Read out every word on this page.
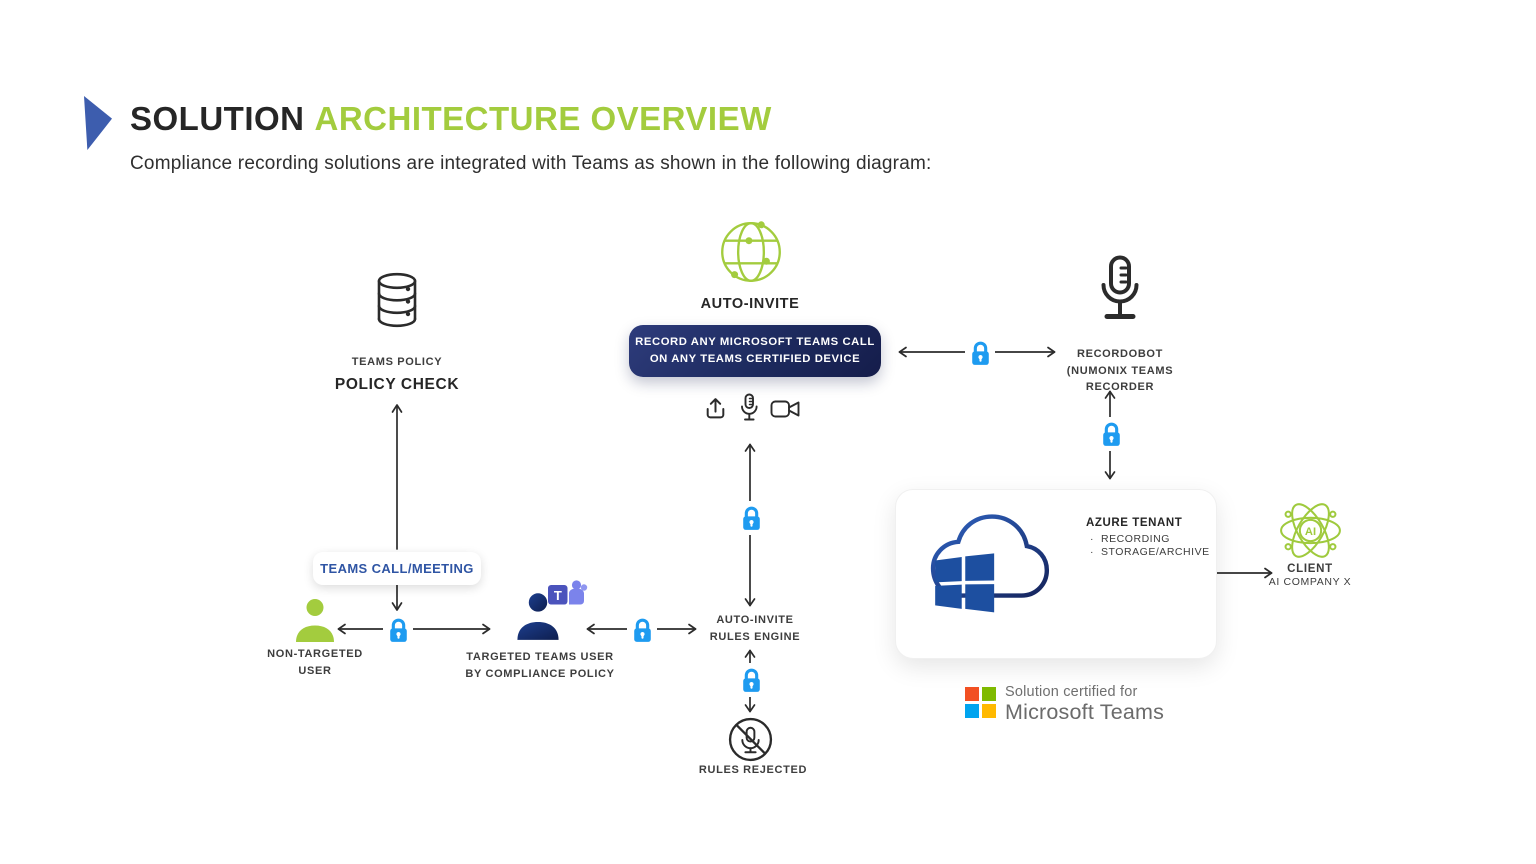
SOLUTION ARCHITECTURE OVERVIEW
Compliance recording solutions are integrated with Teams as shown in the following diagram:
TEAMS POLICY
POLICY CHECK
AUTO-INVITE
RECORD ANY MICROSOFT TEAMS CALL
ON ANY TEAMS CERTIFIED DEVICE
AUTO-INVITE
RULES ENGINE
RULES REJECTED
TEAMS CALL/MEETING
NON-TARGETED
USER
T
TARGETED TEAMS USER
BY COMPLIANCE POLICY
RECORDOBOT
(NUMONIX TEAMS
RECORDER
AZURE TENANT
· RECORDING
· STORAGE/ARCHIVE
AI
CLIENT
AI COMPANY X
Solution certified for
Microsoft Teams
